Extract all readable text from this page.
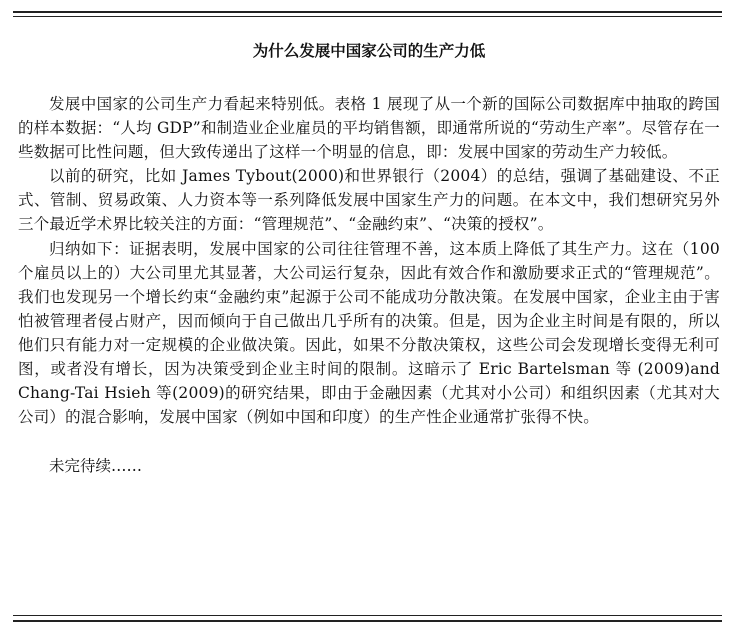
为什么发展中国家公司的生产力低

发展中国家的公司生产力看起来特别低。表格 1 展现了从一个新的国际公司数据库中抽取的跨国的样本数据：“人均 GDP”和制造业企业雇员的平均销售额，即通常所说的“劳动生产率”。尽管存在一些数据可比性问题，但大致传递出了这样一个明显的信息，即：发展中国家的劳动生产力较低。

以前的研究，比如 James Tybout(2000)和世界银行（2004）的总结，强调了基础建设、不正式、管制、贸易政策、人力资本等一系列降低发展中国家生产力的问题。在本文中，我们想研究另外三个最近学术界比较关注的方面：“管理规范”、“金融约束”、“决策的授权”。

归纳如下：证据表明，发展中国家的公司往往管理不善，这本质上降低了其生产力。这在（100 个雇员以上的）大公司里尤其显著，大公司运行复杂，因此有效合作和激励要求正式的“管理规范”。我们也发现另一个增长约束“金融约束”起源于公司不能成功分散决策。在发展中国家，企业主由于害怕被管理者侵占财产，因而倾向于自己做出几乎所有的决策。但是，因为企业主时间是有限的，所以他们只有能力对一定规模的企业做决策。因此，如果不分散决策权，这些公司会发现增长变得无利可图，或者没有增长，因为决策受到企业主时间的限制。这暗示了 Eric Bartelsman 等 (2009)and Chang-Tai Hsieh 等(2009)的研究结果，即由于金融因素（尤其对小公司）和组织因素（尤其对大公司）的混合影响，发展中国家（例如中国和印度）的生产性企业通常扩张得不快。

未完待续……
